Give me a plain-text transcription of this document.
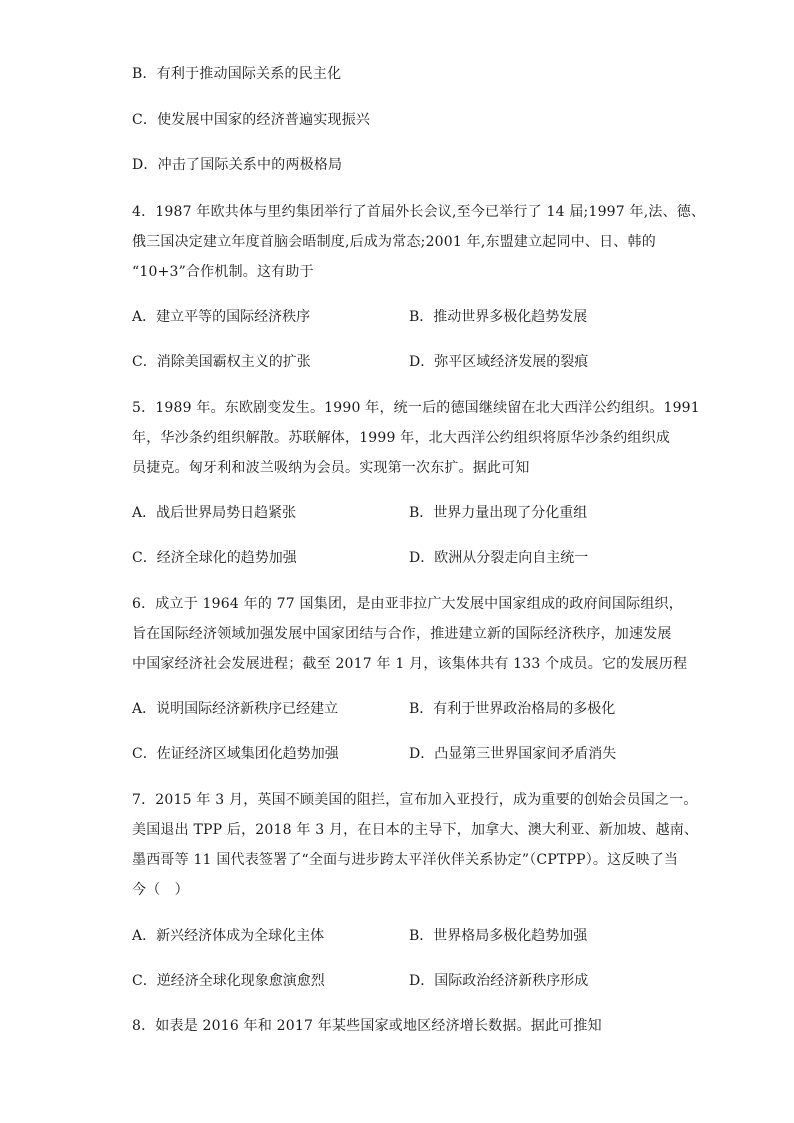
B．有利于推动国际关系的民主化
C．使发展中国家的经济普遍实现振兴
D．冲击了国际关系中的两极格局
4．1987 年欧共体与里约集团举行了首届外长会议,至今已举行了 14 届;1997 年,法、德、
俄三国决定建立年度首脑会晤制度,后成为常态;2001 年,东盟建立起同中、日、韩的
“10+3”合作机制。这有助于
A．建立平等的国际经济秩序	B．推动世界多极化趋势发展
C．消除美国霸权主义的扩张	D．弥平区域经济发展的裂痕
5．1989 年。东欧剧变发生。1990 年，统一后的德国继续留在北大西洋公约组织。1991
年，华沙条约组织解散。苏联解体，1999 年，北大西洋公约组织将原华沙条约组织成
员捷克。匈牙利和波兰吸纳为会员。实现第一次东扩。据此可知
A．战后世界局势日趋紧张	B．世界力量出现了分化重组
C．经济全球化的趋势加强	D．欧洲从分裂走向自主统一
6．成立于 1964 年的 77 国集团，是由亚非拉广大发展中国家组成的政府间国际组织，
旨在国际经济领域加强发展中国家团结与合作，推进建立新的国际经济秩序，加速发展
中国家经济社会发展进程；截至 2017 年 1 月，该集体共有 133 个成员。它的发展历程
A．说明国际经济新秩序已经建立	B．有利于世界政治格局的多极化
C．佐证经济区域集团化趋势加强	D．凸显第三世界国家间矛盾消失
7．2015 年 3 月，英国不顾美国的阻拦，宣布加入亚投行，成为重要的创始会员国之一。
美国退出 TPP 后，2018 年 3 月，在日本的主导下，加拿大、澳大利亚、新加坡、越南、
墨西哥等 11 国代表签署了“全面与进步跨太平洋伙伴关系协定”（CPTPP）。这反映了当
今（　）
A．新兴经济体成为全球化主体	B．世界格局多极化趋势加强
C．逆经济全球化现象愈演愈烈	D．国际政治经济新秩序形成
8．如表是 2016 年和 2017 年某些国家或地区经济增长数据。据此可推知
